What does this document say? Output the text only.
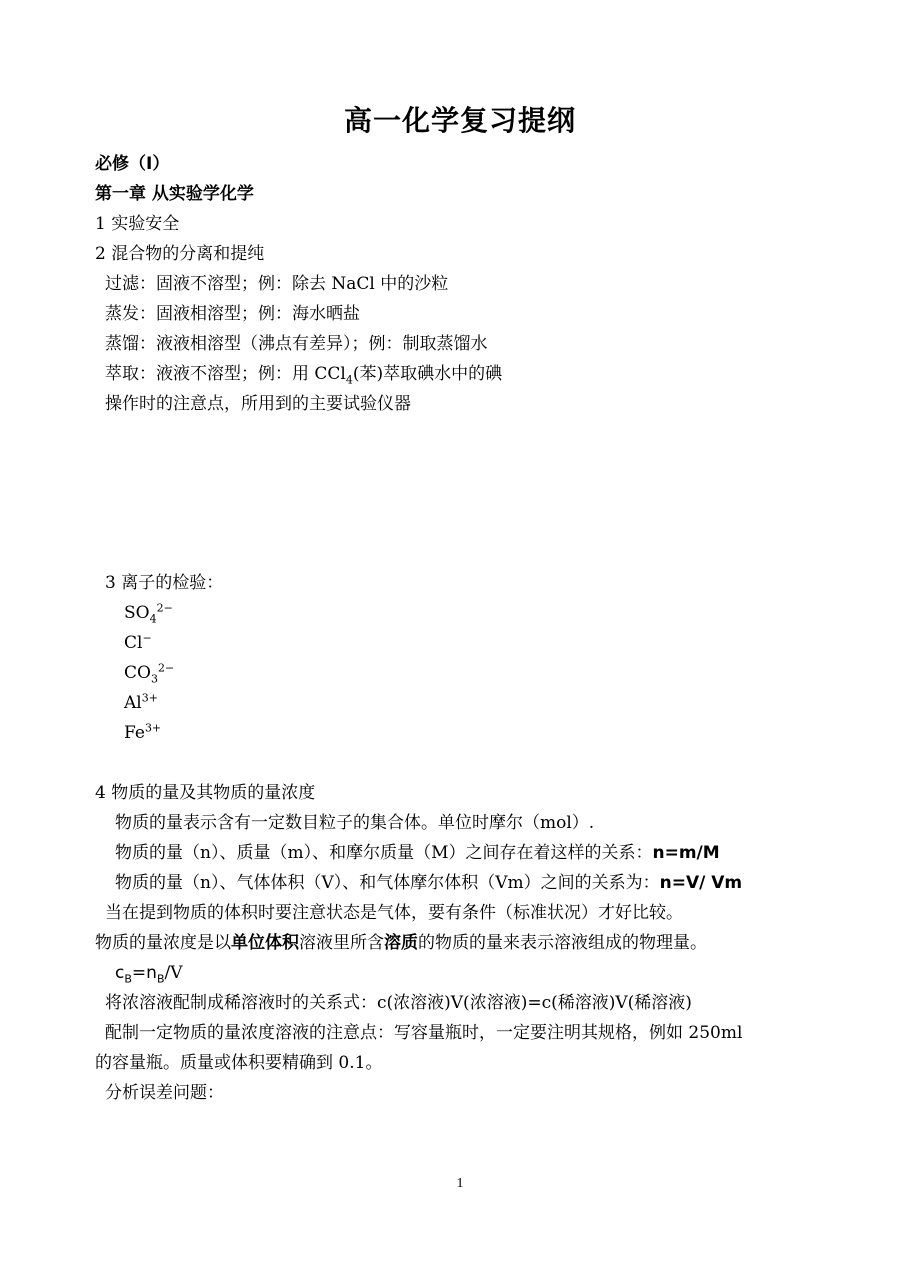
高一化学复习提纲
必修（I）
第一章 从实验学化学
1 实验安全
2 混合物的分离和提纯
过滤：固液不溶型；例：除去 NaCl 中的沙粒
蒸发：固液相溶型；例：海水晒盐
蒸馏：液液相溶型（沸点有差异）；例：制取蒸馏水
萃取：液液不溶型；例：用 CCl$_4$(苯)萃取碘水中的碘
操作时的注意点，所用到的主要试验仪器
3 离子的检验：
$SO_4^{2-}$
Cl−
$CO_3^{2-}$
$Al^{3+}$
$Fe^{3+}$
4 物质的量及其物质的量浓度
物质的量表示含有一定数目粒子的集合体。单位时摩尔（mol）.
物质的量（n）、质量（m）、和摩尔质量（M）之间存在着这样的关系：n=m/M
物质的量（n）、气体体积（V）、和气体摩尔体积（Vm）之间的关系为：n=V/ Vm
当在提到物质的体积时要注意状态是气体，要有条件（标准状况）才好比较。
物质的量浓度是以单位体积溶液里所含溶质的物质的量来表示溶液组成的物理量。
$c_B=n_B/V$
将浓溶液配制成稀溶液时的关系式：c(浓溶液)V(浓溶液)=c(稀溶液)V(稀溶液)
配制一定物质的量浓度溶液的注意点：写容量瓶时，一定要注明其规格，例如 250ml
的容量瓶。质量或体积要精确到 0.1。
分析误差问题：
1
